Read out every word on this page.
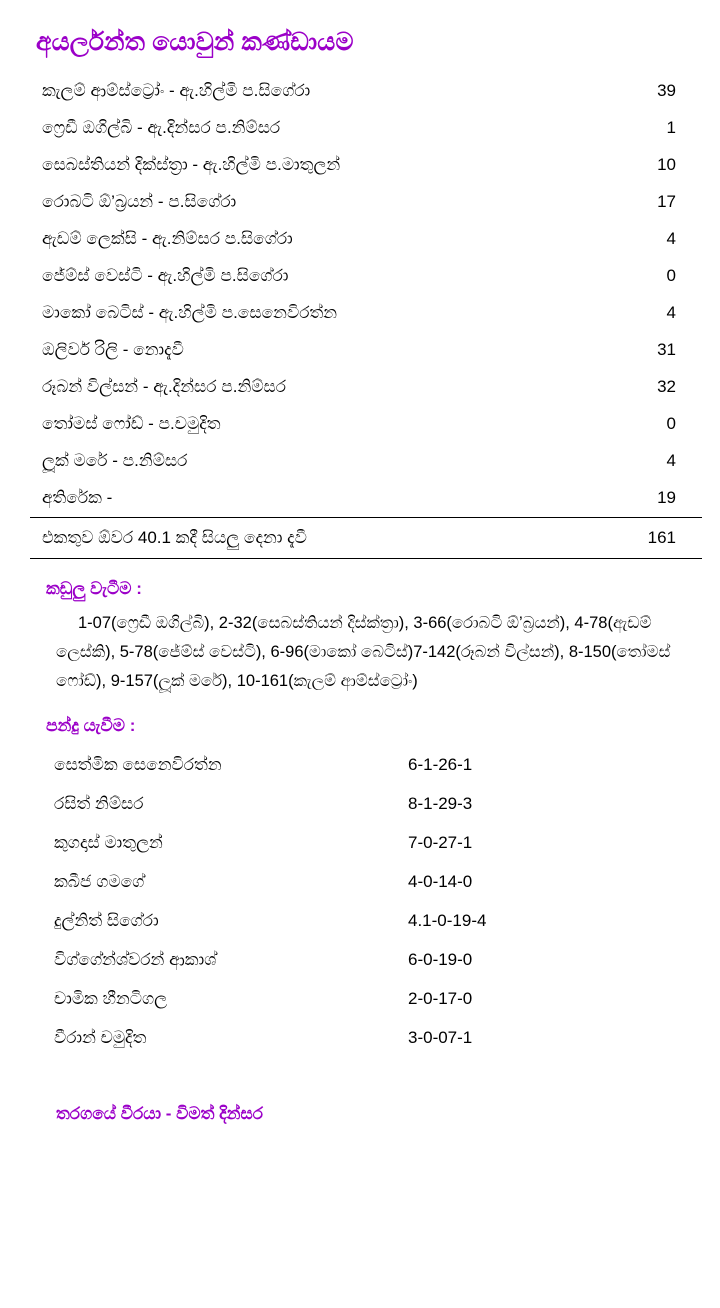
අයර්ලන්ත යොවුන් කණ්ඩායම
කැලම් ආම්ස්ට්‍රෝං - ඇ.හිල්මි ප.සිගේරා	39
ෆ්‍රෙඩී ඔගිල්බි - ඇ.දින්සර ප.නිම්සර	1
සෙබස්තියන් දික්ස්ත්‍රා - ඇ.හිල්මි ප.මාතුලන්	10
රොබටි ඕ’බ්‍රයන් - ප.සිගේරා	17
ඇඩම් ලෙක්සි - ඇ.නිම්සර ප.සිගේරා	4
ජේම්ස් වෙස්ටි - ඇ.හිල්මි ප.සිගේරා	0
මාකෝ බෙටිස් - ඇ.හිල්මි ප.සෙනෙවිරත්න	4
ඔලිවර් රිලි - නොදැවී	31
රූබන් විල්සන් - ඇ.දින්සර ප.නිම්සර	32
තෝමස් ෆෝඩ් - ප.චමුදිත	0
ලූක් මරේ - ප.නිම්සර	4
අතිරේක -	19
එකතුව ඕවර 40.1 කදී සියලු දෙනා දැවී	161
කඩුලු වැටීම :
1-07(ෆ්‍රෙඩී ඔගිල්බි), 2-32(සෙබස්තියන් දිස්ක්ත්‍රා), 3-66(රොබටි ඕ’බ්‍රයන්), 4-78(ඇඩම් ලෙස්කි), 5-78(ජේම්ස් වෙස්ටි), 6-96(මාකෝ බෙටිස්)7-142(රූබන් විල්සන්), 8-150(තෝමස් ෆෝඩ්), 9-157(ලූක් මරේ), 10-161(කැලම් ආම්ස්ට්‍රෝං)
පන්දු යැවීම :
සෙත්මික සෙනෙවිරත්න	6-1-26-1
රසිත් නිම්සර	8-1-29-3
කුගදාස් මාතුලන්	7-0-27-1
කබීජ ගමගේ	4-0-14-0
දුල්නිත් සිගේරා	4.1-0-19-4
විග්ගේන්ශ්වරන් ආකාශ්	6-0-19-0
චාමික හීනටිගල	2-0-17-0
වීරාන් චමුදිත	3-0-07-1
තරගයේ වීරයා - විමත් දින්සර
